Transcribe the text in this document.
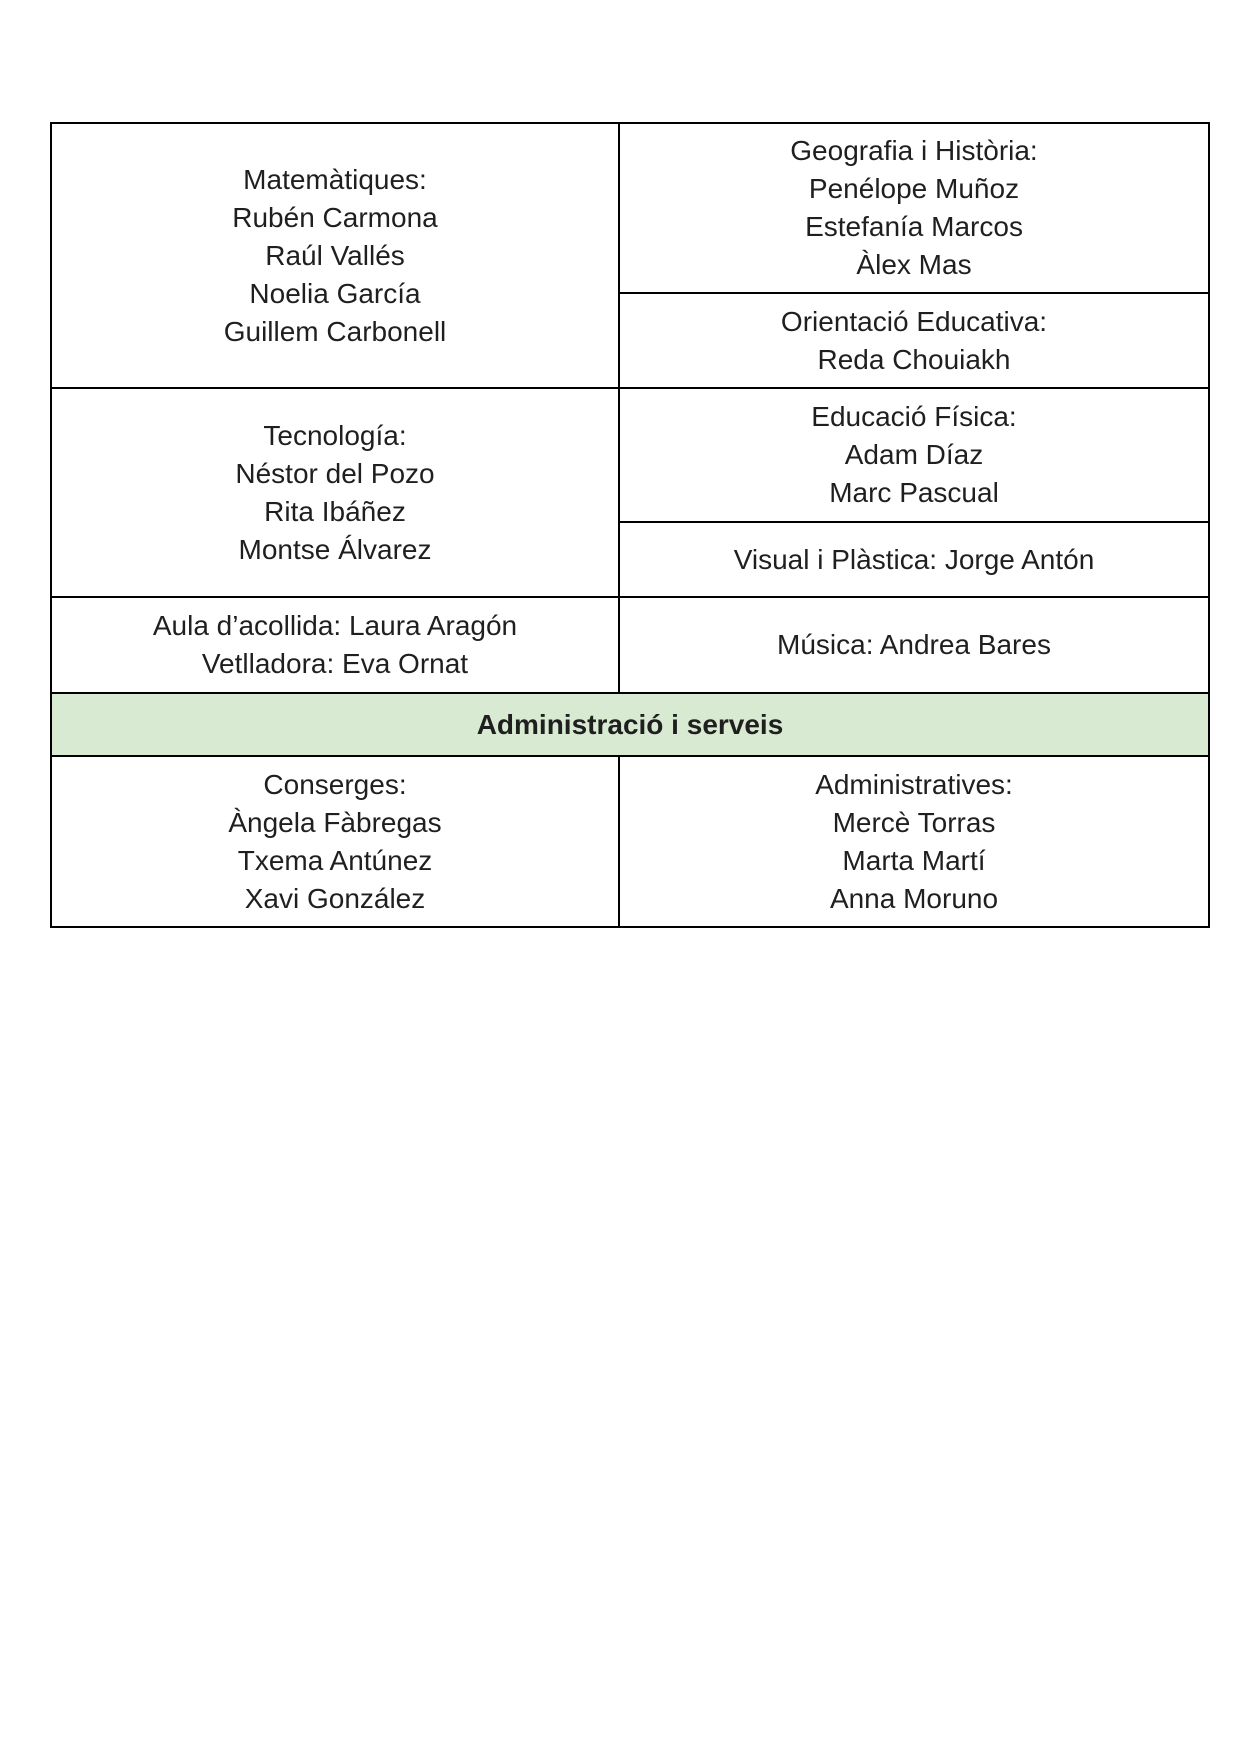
Matemàtiques:
Rubén Carmona
Raúl Vallés
Noelia García
Guillem Carbonell
Geografia i Història:
Penélope Muñoz
Estefanía Marcos
Àlex Mas
Orientació Educativa:
Reda Chouiakh
Tecnología:
Néstor del Pozo
Rita Ibáñez
Montse Álvarez
Educació Física:
Adam Díaz
Marc Pascual
Visual i Plàstica: Jorge Antón
Aula d’acollida: Laura Aragón
Vetlladora: Eva Ornat
Música: Andrea Bares
Administració i serveis
Conserges:
Àngela Fàbregas
Txema Antúnez
Xavi González
Administratives:
Mercè Torras
Marta Martí
Anna Moruno
